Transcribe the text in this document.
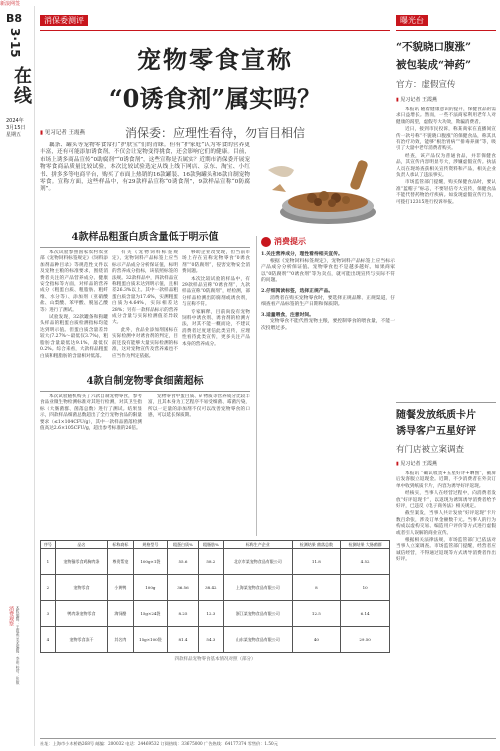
新浪网签
B8
3·15
在线
2024年
3月15日
星期五
消费观察 本版编辑：王霞燕 美术编辑：李明 校对：张敏
消保委测评	曝光台
宠物零食宣称
“0诱食剂”属实吗？
消保委：应理性看待，勿盲目相信
▮ 见习记者 王霞燕

藕条、罐头等宠物零食常打“护肤宝”们的青睐。但有“护家庭”认为零食的营养更丰富，还有可能添加诱食剂，不仅会让宠物变得挑食，还会影响它们的健康。目前，市场上诱多商品宣传“0助腐剂”“0诱食剂”，这些宣称是否属实？近期市消保委开展宠物零食商品质量比较试验，本次比较试验选定从线上线下网店、京东、淘宝、小红书、拼多多等电商平台，购买了市面上热销的16款罐装、16款狗罐头和6款自制宠物零食。宣称方面，这些样品中，有29款样品宣称“0诱食剂”，9款样品宣称“0防腐剂”。

4款样品粗蛋白质含量低于明示值

本次试验参照国家农村农业部《宠物饲料标签规定》《饲料添加剂品种目录》等规范性文件以及宠物主粮的标准要求，围绕消费者关注的产品营养成分、健康安全指标等方面，对样品的营养成分（粗蛋白质、粗脂肪、粗纤维、水分等）、添加剂（亚硝酸盐、山梨酸、苯甲酸、脱氢乙酸等）进行了测试。

试验发现，32款罐条和狗罐头样品的粗蛋白质检测指标均能达到明示值。但蛋白质含量差异较大(7.27%～最低仅3.7%)，粗脂肪含量最低达9.1%，最低仅0.2%。综合来看，大款样品粗蛋白质和粗脂肪的含量相对低落。

有关《宠物饲料标签规定》，宠物饲料产品标签上应当标示产品成分分析保证值，标明的营养成分指标，该依照标签的法规。32款样品中，四款样品宣称粗蛋白质未达到明示值，且相差26.3%以上。其中一款样品粗蛋白质含量为17.6%，实测粗蛋白质为4.64%，实际相差达28%；另有一款样品标示的营养成分含量与实际检测值差异较大。

此外，食品业添加剂国标在实际检测中对诱食剂的判定，目前还没有能够大量实际检测的标准，这对宠物宣传及营养素也不应当作为判定依据。

够助企业改变现，但当前市场上存在宣称宠物零食“0诱食剂”“0防腐剂”，侵害宠物安全消费问题。

本次比较试验的样品中，有29款样品宣称“0诱食剂”，九款样品宣称“0防腐剂”，经检测，部分样品检测出防腐剂或诱食剂，与宣称不符。

专家解释，目前尚没有宠物饲料中诱食剂、诱食剂的检测方法，对其不能一概而论，不建议消费者过度迷信此类宣传，应理性看待此类宣传，更多关注产品本身的营养成分。

4款自制宠物零食细菌超标

本次试验随机购买了六款自制宠物零食，参考食品业微生物检测标准对其进行检测，对其卫生指标（大肠菌群、菌落总数）进行了测试。结果显示，四款样品细菌总数超出了全行宠物食品的限量要求（≤1×104CFU/g），其中一款样品菌落检测值高达2.6×105CFU/g，超出参考标准的26倍。

宠物零食中蛋白质、矿物质等营养成分比较丰富，且其本身为工艺程序不易受细菌、霉菌污染，所以一定量的添加剂不仅可以改善宠物零食的口感，可以延长保质期。

消费提示

1.关注营养成分，理性看待相关宣传。

根据《宠物饲料标签规定》，宠物饲料产品标签上应当标示产品成分分析保证值。宠物零食也不是越多越好。如果商家以“0防腐剂”“0诱食剂”等为卖点，就可能出现宣传与实际不符的问题。

2.仔细阅读标签，选择正规产品。

消费者在购买宠物零食时，要选择正规品牌、正规渠道，仔细查看产品标签的生产日期和保质期。

3.适量喂食，注意时间。

宠物零食不能代替宠物主粮，要控制零食的喂食量，不能一次投喂过多。

序号	品名	标称商标	规格型号	粗蛋白质%	粗脂肪%	标称生产企业	检测结果 菌落总数	检测结果 大肠菌群
1	宠物猫零食鸡胸肉条	尊贵帮宠	100g×1袋	55.6	58.2	北京市某宠物食品有限公司	11.8	4.52
2	宠物零食	小黄鸭	100g	36.56	38.42	上海某宠物食品有限公司	8	10
3	鸭肉条宠物零食	淘饲酷	15g×24袋	8.25	12.3	浙江某宠物食品有限公司	12.5	6.14
4	宠物零食冻干	其名肉	15g×100袋	81.4	54.3	山东某宠物食品有限公司	40	29.50
四款样品宠物零食基本情况对照（部分）
“不貌晓口腹涨”
被包装成“神药”
官方：虚假宣传
▮ 见习记者 王霞燕

本报讯 随着健康意识的提升，保健食品的需求日益增长。然而，一些不法商家利用老年人对健康的渴望，虚假夸大功效，欺骗消费者。

近日，接到市民投诉，称某商家在直播间宣传一款号称“不貌晓口腹涨”的保健食品，称其具有治疗功效，能够“根治胃病”“排毒养颜”等，吸引了大量中老年消费者购买。

经查，该产品仅为普通食品，并非保健食品，其宣传内容明显夸大，涉嫌虚假宣传。执法人员在现场查获相关宣传资料和产品，相关企业负责人承认了违法事实。

市场监管部门提醒，购买保健食品时，要认准“蓝帽子”标志，不要轻信夸大宣传，保健食品不能代替药物治疗疾病。如发现虚假宣传行为，可拨打12315进行投诉举报。

随餐发放纸质卡片
诱导客户五星好评
有门店被立案调查
▮ 见习记者 王霞燕

本报讯 “确认收货+五星好评+晒图”，截屏后发客服立返现金。近期，不少消费者在外卖订单中收到纸质卡片，内容为诱导好评返现。

经核实，当事人在经营过程中，向消费者发放“好评返现卡”，以返现为诱饵诱导消费者给予好评，已违反《电子商务法》相关规定。

截至案发，当事人共计发放“好评返现”卡片数百余张，涉及订单金额数千元。当事人的行为构成以虚构交易、编造用户评价等方式进行虚假或者引人误解的商业宣传。

根据相关法律法规，市场监管部门已依法对当事人立案调查。市场监管部门提醒，经营者应诚信经营，不得通过返现等方式诱导消费者作出好评。

社址：上海市小木桥路268号 邮编：200032 电话：24469532 订阅热线：33675000 广告热线：64177374 零售价：1.50元
